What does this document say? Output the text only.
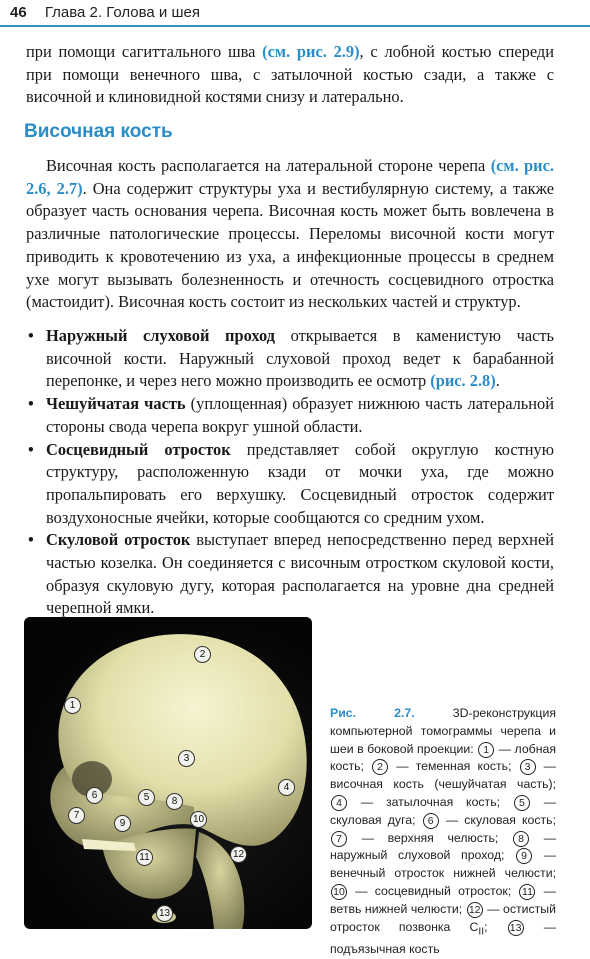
46 Глава 2. Голова и шея
при помощи сагиттального шва (см. рис. 2.9), с лобной костью спереди при помощи венечного шва, с затылочной костью сзади, а также с височной и клиновидной костями снизу и латерально.
Височная кость
Височная кость располагается на латеральной стороне черепа (см. рис. 2.6, 2.7). Она содержит структуры уха и вестибулярную систему, а также образует часть основания черепа. Височная кость может быть вовлечена в различные патологические процессы. Переломы височной кости могут приводить к кровотечению из уха, а инфекционные процессы в среднем ухе могут вызывать болезненность и отечность сосцевидного отростка (мастоидит). Височная кость состоит из нескольких частей и структур.
• Наружный слуховой проход открывается в каменистую часть височной кости. Наружный слуховой проход ведет к барабанной перепонке, и через него можно производить ее осмотр (рис. 2.8).
• Чешуйчатая часть (уплощенная) образует нижнюю часть латеральной стороны свода черепа вокруг ушной области.
• Сосцевидный отросток представляет собой округлую костную структуру, расположенную кзади от мочки уха, где можно пропальпировать его верхушку. Сосцевидный отросток содержит воздухоносные ячейки, которые сообщаются со средним ухом.
• Скуловой отросток выступает вперед непосредственно перед верхней частью козелка. Он соединяется с височным отростком скуловой кости, образуя скуловую дугу, которая располагается на уровне дна средней черепной ямки.
1
2
3
4
5
6
7
8
9	10
11	12
13
Рис. 2.7. 3D-реконструкция компьютерной томограммы черепа и шеи в боковой проекции: 1 — лобная кость; 2 — теменная кость; 3 — височная кость (чешуйчатая часть); 4 — затылочная кость; 5 — скуловая дуга; 6 — скуловая кость; 7 — верхняя челюсть; 8 — наружный слуховой проход; 9 — венечный отросток нижней челюсти; 10 — сосцевидный отросток; 11 — ветвь нижней челюсти; 12 — остистый отросток позвонка $C_{II}$; 13 — подъязычная кость
